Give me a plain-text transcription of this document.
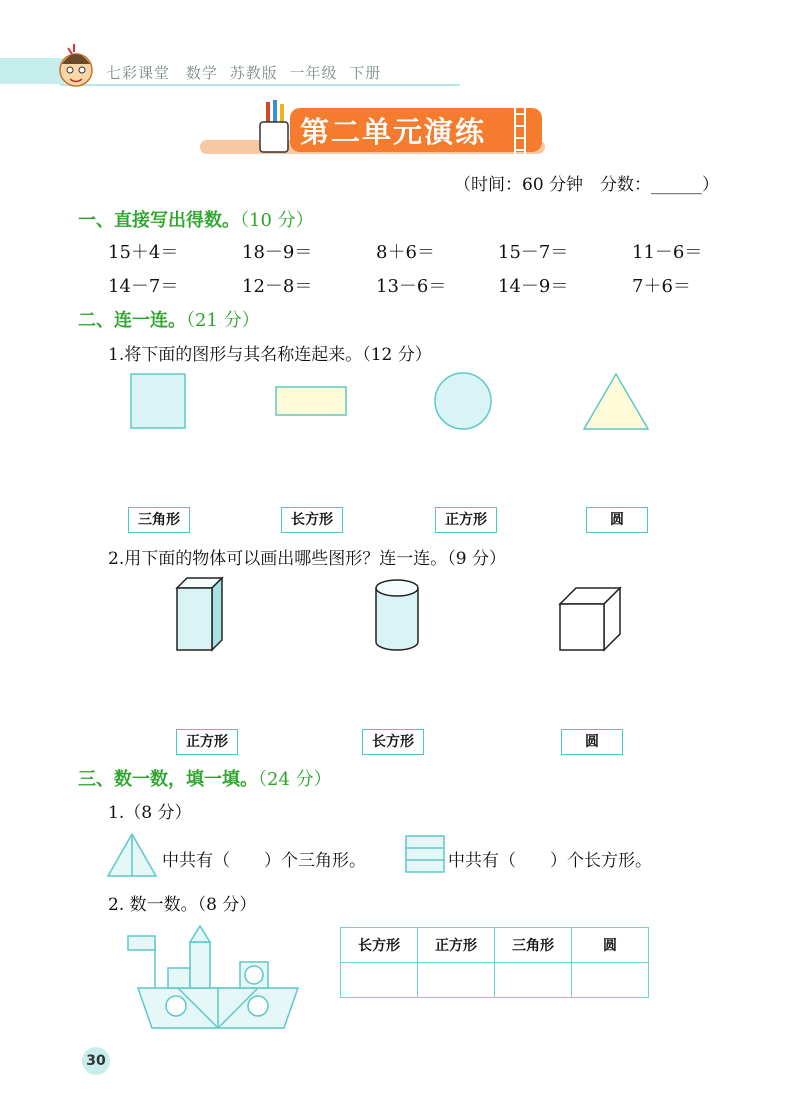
七彩课堂　数学 苏教版 一年级 下册
第二单元演练
（时间：60 分钟　分数：______）
一、直接写出得数。（10 分）
15＋4＝	18－9＝	8＋6＝	15－7＝	11－6＝
14－7＝	12－8＝	13－6＝	14－9＝	7＋6＝
二、连一连。（21 分）
1.将下面的图形与其名称连起来。（12 分）
三角形	长方形	正方形	圆
2.用下面的物体可以画出哪些图形？连一连。（9 分）
正方形	长方形	圆
三、数一数，填一填。（24 分）
1.（8 分）
中共有（　　）个三角形。	中共有（　　）个长方形。
2. 数一数。（8 分）
长方形	正方形	三角形	圆

30
